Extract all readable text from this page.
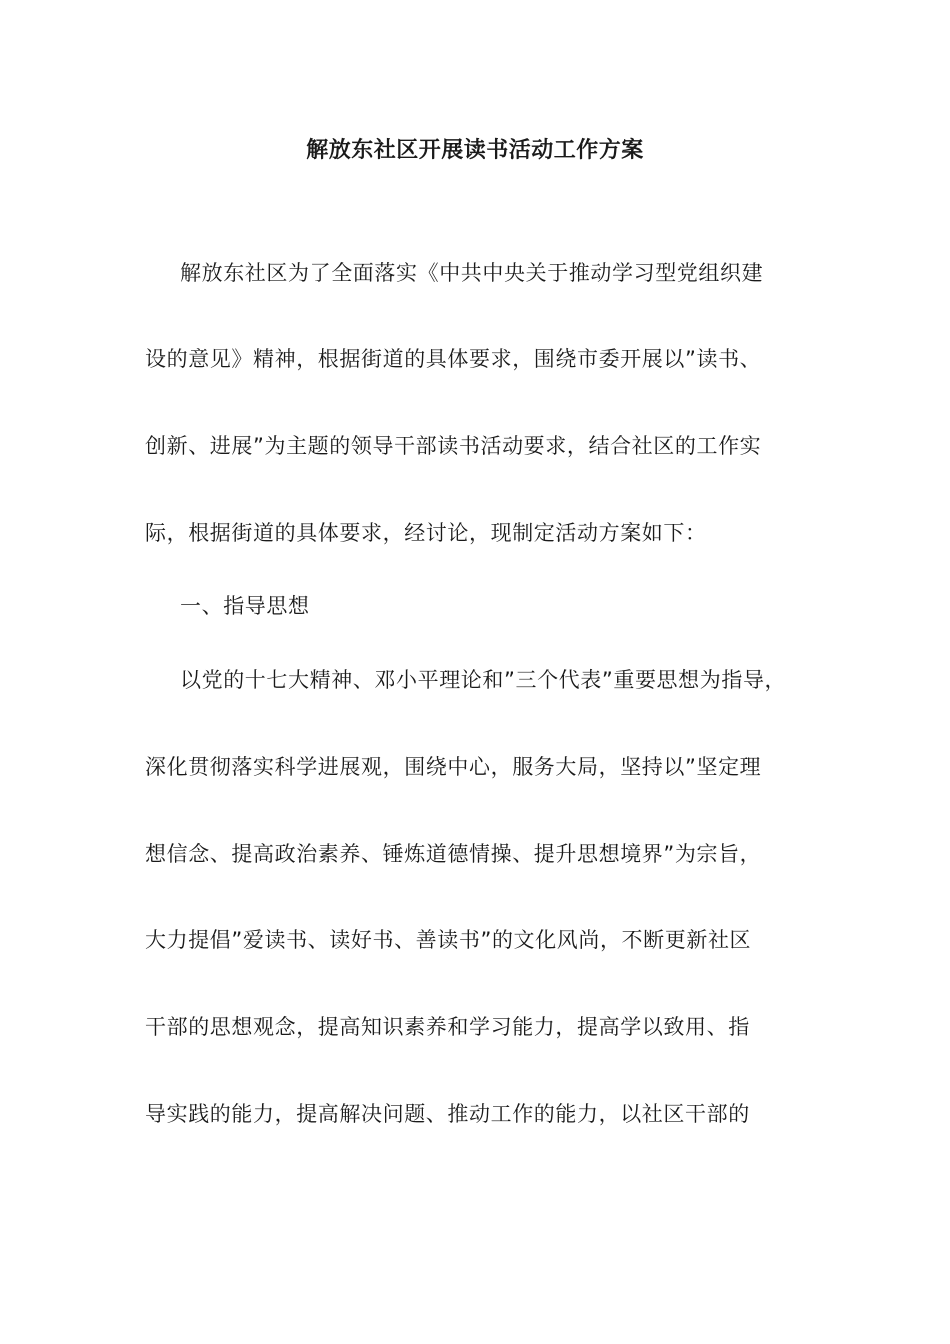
解放东社区开展读书活动工作方案
解放东社区为了全面落实《中共中央关于推动学习型党组织建
设的意见》精神，根据街道的具体要求，围绕市委开展以”读书、
创新、进展”为主题的领导干部读书活动要求，结合社区的工作实
际，根据街道的具体要求，经讨论，现制定活动方案如下：
一、指导思想
以党的十七大精神、邓小平理论和”三个代表”重要思想为指导，
深化贯彻落实科学进展观，围绕中心，服务大局，坚持以”坚定理
想信念、提高政治素养、锤炼道德情操、提升思想境界”为宗旨，
大力提倡”爱读书、读好书、善读书”的文化风尚，不断更新社区
干部的思想观念，提高知识素养和学习能力，提高学以致用、指
导实践的能力，提高解决问题、推动工作的能力，以社区干部的
